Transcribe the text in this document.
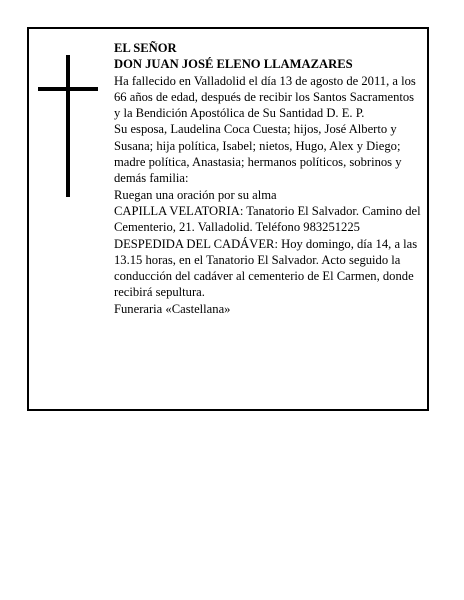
EL SEÑOR

DON JUAN JOSÉ ELENO LLAMAZARES

Ha fallecido en Valladolid el día 13 de agosto de 2011, a los 66 años de edad, después de recibir los Santos Sacramentos y la Bendición Apostólica de Su Santidad D. E. P.

Su esposa, Laudelina Coca Cuesta; hijos, José Alberto y Susana; hija política, Isabel; nietos, Hugo, Alex y Diego; madre política, Anastasia; hermanos políticos, sobrinos y demás familia:

Ruegan una oración por su alma

CAPILLA VELATORIA: Tanatorio El Salvador. Camino del Cementerio, 21. Valladolid. Teléfono 983251225

DESPEDIDA DEL CADÁVER: Hoy domingo, día 14, a las 13.15 horas, en el Tanatorio El Salvador. Acto seguido la conducción del cadáver al cementerio de El Carmen, donde recibirá sepultura.

Funeraria «Castellana»
